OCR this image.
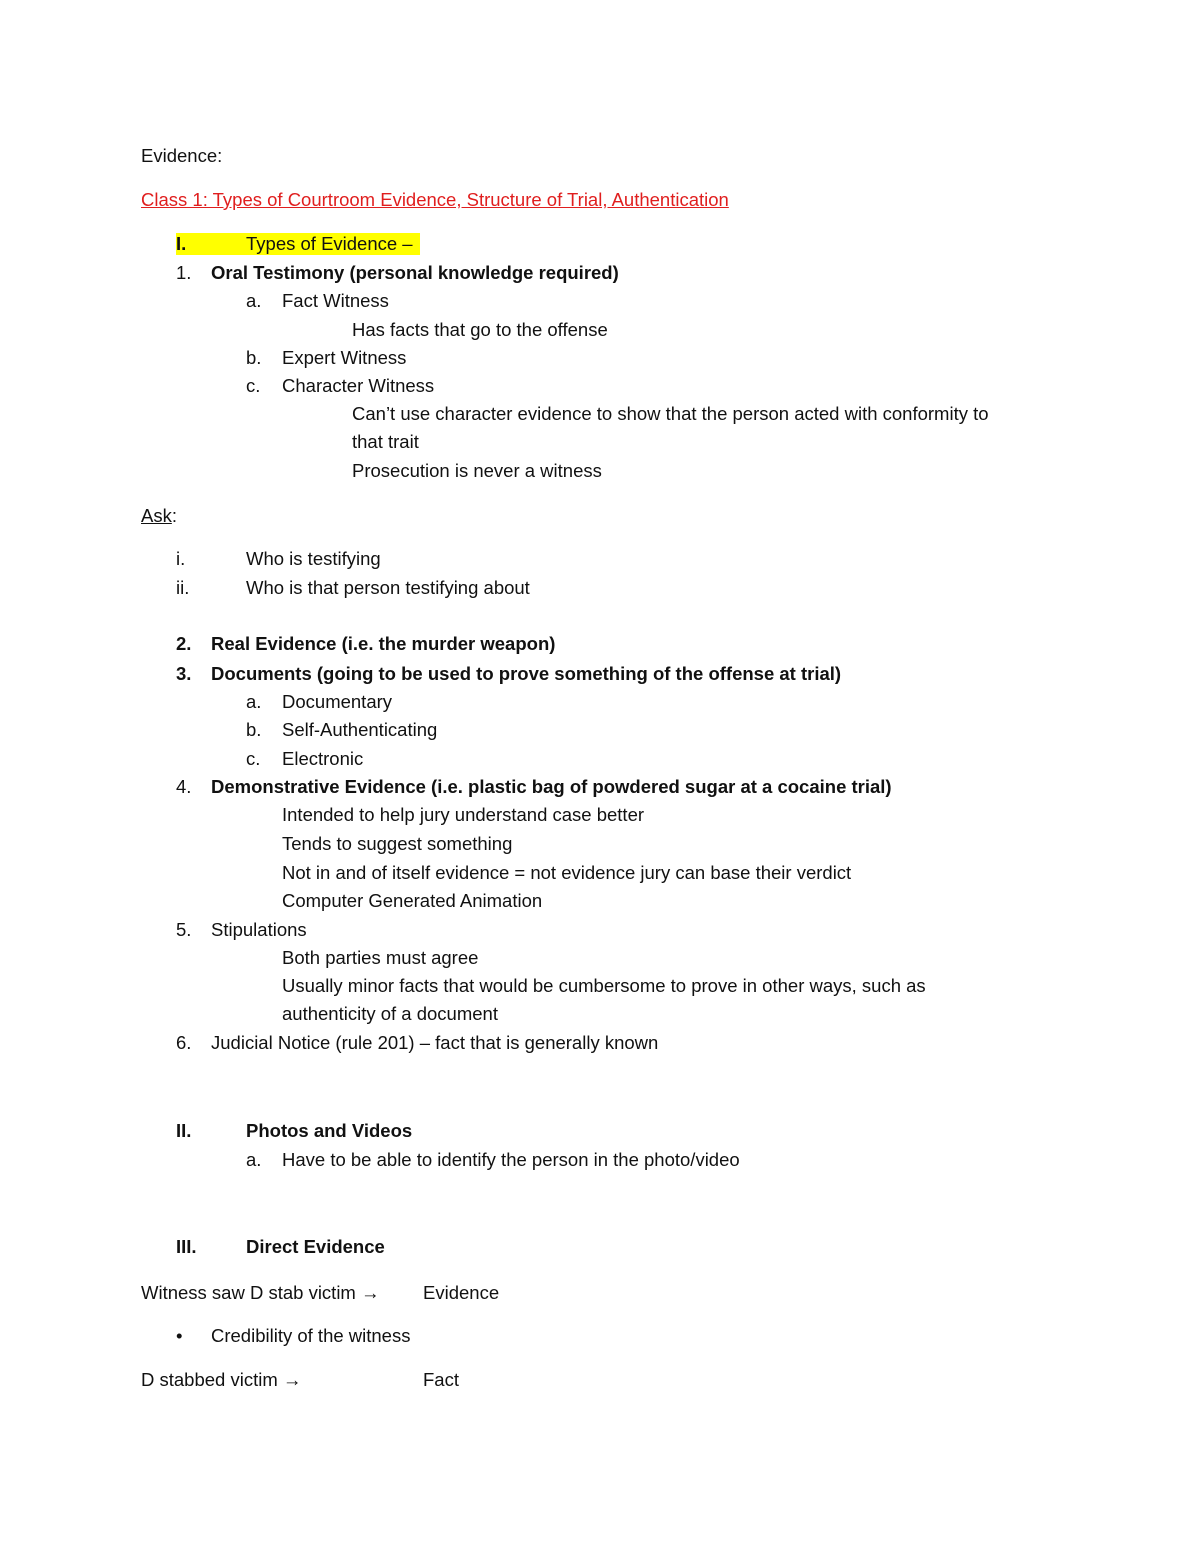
Evidence:
Class 1: Types of Courtroom Evidence, Structure of Trial, Authentication
I.	Types of Evidence –
1. Oral Testimony (personal knowledge required)
a. Fact Witness
Has facts that go to the offense
b. Expert Witness
c. Character Witness
Can’t use character evidence to show that the person acted with conformity to
that trait
Prosecution is never a witness
Ask:
i.	Who is testifying
ii.	Who is that person testifying about
2. Real Evidence (i.e. the murder weapon)
3. Documents (going to be used to prove something of the offense at trial)
a. Documentary
b. Self-Authenticating
c. Electronic
4. Demonstrative Evidence (i.e. plastic bag of powdered sugar at a cocaine trial)
Intended to help jury understand case better
Tends to suggest something
Not in and of itself evidence = not evidence jury can base their verdict
Computer Generated Animation
5. Stipulations
Both parties must agree
Usually minor facts that would be cumbersome to prove in other ways, such as
authenticity of a document
6. Judicial Notice (rule 201) – fact that is generally known
II.	Photos and Videos
a. Have to be able to identify the person in the photo/video
III.	Direct Evidence
Witness saw D stab victim → Evidence
• Credibility of the witness
D stabbed victim →	Fact
